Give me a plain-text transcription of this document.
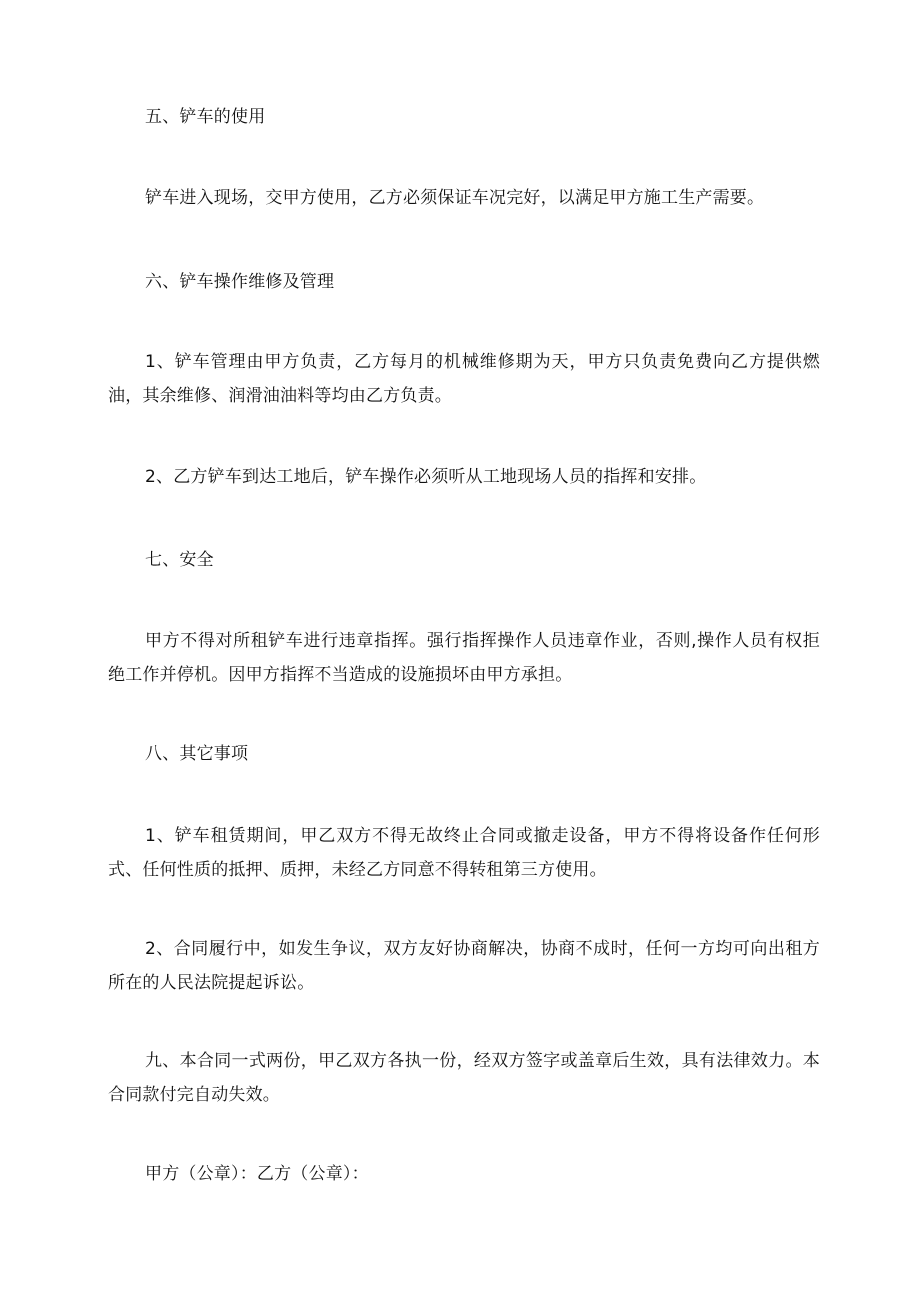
五、铲车的使用

铲车进入现场，交甲方使用，乙方必须保证车况完好，以满足甲方施工生产需要。

六、铲车操作维修及管理

1、铲车管理由甲方负责，乙方每月的机械维修期为天，甲方只负责免费向乙方提供燃油，其余维修、润滑油油料等均由乙方负责。

2、乙方铲车到达工地后，铲车操作必须听从工地现场人员的指挥和安排。

七、安全

甲方不得对所租铲车进行违章指挥。强行指挥操作人员违章作业，否则,操作人员有权拒绝工作并停机。因甲方指挥不当造成的设施损坏由甲方承担。

八、其它事项

1、铲车租赁期间，甲乙双方不得无故终止合同或撤走设备，甲方不得将设备作任何形式、任何性质的抵押、质押，未经乙方同意不得转租第三方使用。

2、合同履行中，如发生争议，双方友好协商解决，协商不成时，任何一方均可向出租方所在的人民法院提起诉讼。

九、本合同一式两份，甲乙双方各执一份，经双方签字或盖章后生效，具有法律效力。本合同款付完自动失效。

甲方（公章）：乙方（公章）：
